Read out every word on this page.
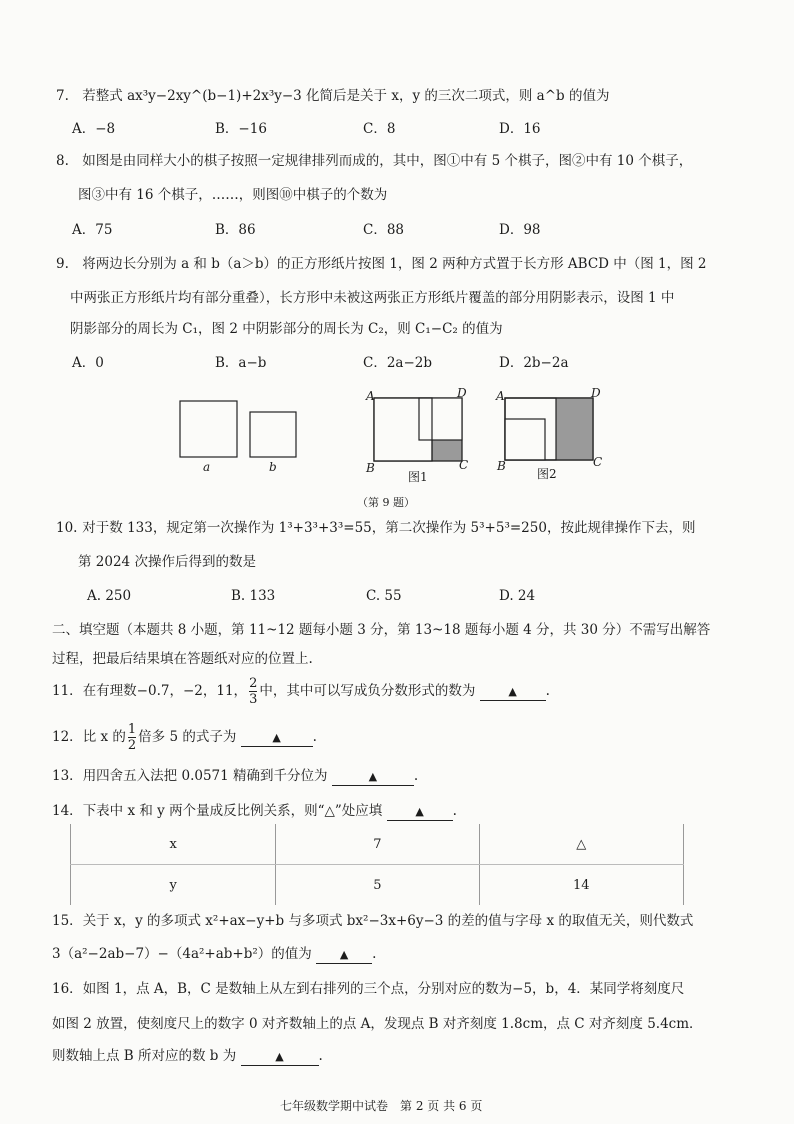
7. 若整式 ax³y−2xy^(b−1)+2x³y−3 化简后是关于 x，y 的三次二项式，则 a^b 的值为
A．−8	B．−16	C．8	D．16
8. 如图是由同样大小的棋子按照一定规律排列而成的，其中，图①中有 5 个棋子，图②中有 10 个棋子，
图③中有 16 个棋子，……，则图⑩中棋子的个数为
A．75	B．86	C．88	D．98
9. 将两边长分别为 a 和 b（a＞b）的正方形纸片按图 1，图 2 两种方式置于长方形 ABCD 中（图 1，图 2
中两张正方形纸片均有部分重叠），长方形中未被这两张正方形纸片覆盖的部分用阴影表示，设图 1 中
阴影部分的周长为 C₁，图 2 中阴影部分的周长为 C₂，则 C₁−C₂ 的值为
A．0	B．a−b	C．2a−2b	D．2b−2a
a	b
A	D
B	C
图1
A	D
B	C
图2
（第 9 题）
10. 对于数 133，规定第一次操作为 1³+3³+3³=55，第二次操作为 5³+5³=250，按此规律操作下去，则
第 2024 次操作后得到的数是
A. 250	B. 133	C. 55	D. 24
二、填空题（本题共 8 小题，第 11~12 题每小题 3 分，第 13~18 题每小题 4 分，共 30 分）不需写出解答
过程，把最后结果填在答题纸对应的位置上.
11．在有理数−0.7，−2，11， $\frac{2}{3}$ 中，其中可以写成负分数形式的数为	▲ .
12．比 x 的 $\frac{1}{2}$ 倍多 5 的式子为	▲ .
13．用四舍五入法把 0.0571 精确到千分位为	▲	.
14．下表中 x 和 y 两个量成反比例关系，则“△”处应填	▲ .
x	7	△
y	5	14
15．关于 x，y 的多项式 x²+ax−y+b 与多项式 bx²−3x+6y−3 的差的值与字母 x 的取值无关，则代数式
3（a²−2ab−7）−（4a²+ab+b²）的值为	▲ .
16．如图 1，点 A，B，C 是数轴上从左到右排列的三个点，分别对应的数为−5，b，4．某同学将刻度尺
如图 2 放置，使刻度尺上的数字 0 对齐数轴上的点 A，发现点 B 对齐刻度 1.8cm，点 C 对齐刻度 5.4cm．
则数轴上点 B 所对应的数 b 为	▲	.
七年级数学期中试卷　第 2 页 共 6 页
